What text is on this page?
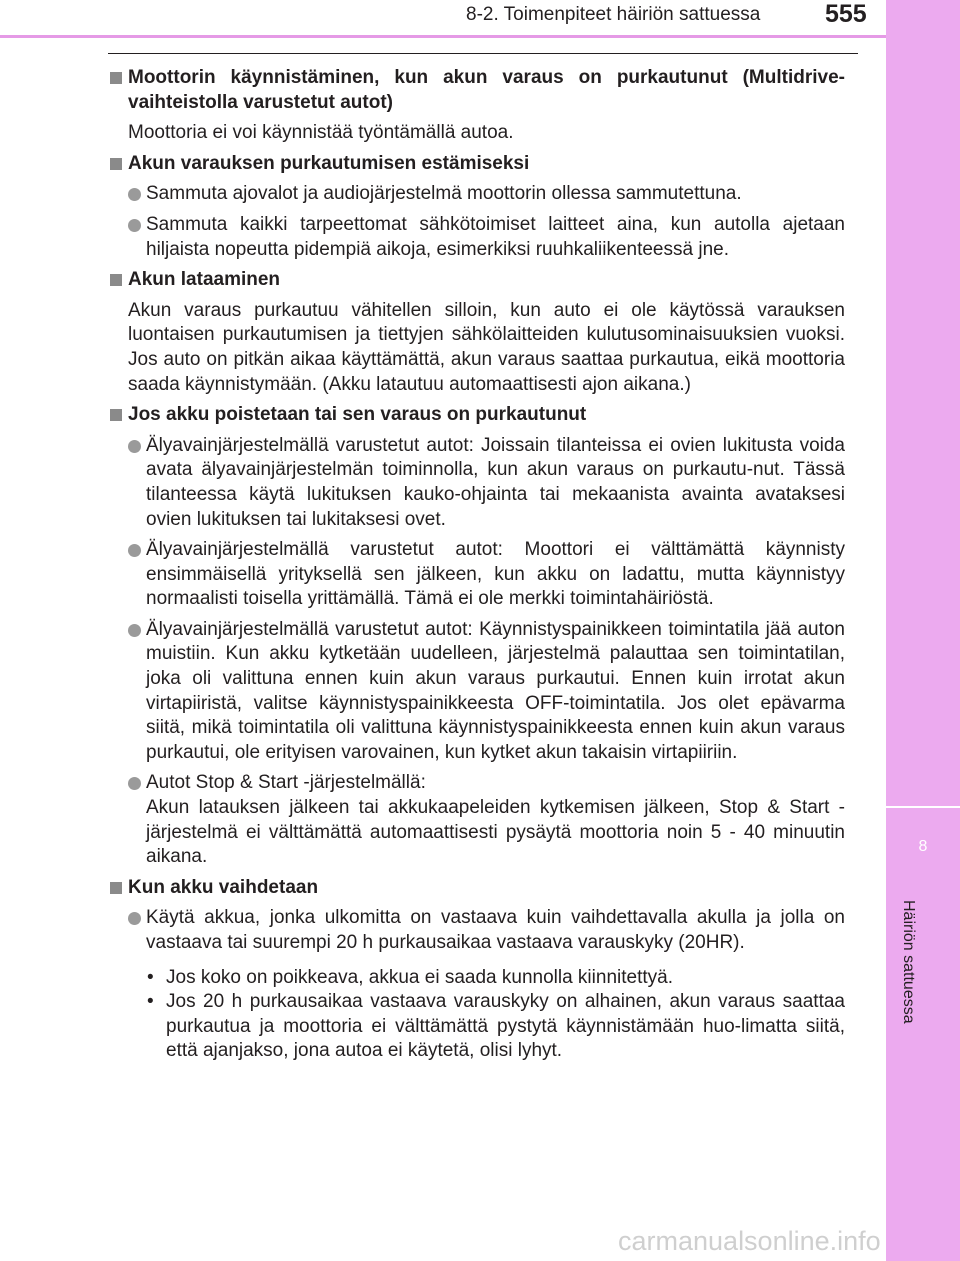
8-2. Toimenpiteet häiriön sattuessa	555
8
Häiriön sattuessa
Moottorin käynnistäminen, kun akun varaus on purkautunut (Multidrive-vaihteistolla varustetut autot)
Moottoria ei voi käynnistää työntämällä autoa.
Akun varauksen purkautumisen estämiseksi
Sammuta ajovalot ja audiojärjestelmä moottorin ollessa sammutettuna.
Sammuta kaikki tarpeettomat sähkötoimiset laitteet aina, kun autolla ajetaan hiljaista nopeutta pidempiä aikoja, esimerkiksi ruuhkaliikenteessä jne.
Akun lataaminen
Akun varaus purkautuu vähitellen silloin, kun auto ei ole käytössä varauksen luontaisen purkautumisen ja tiettyjen sähkölaitteiden kulutusominaisuuksien vuoksi. Jos auto on pitkän aikaa käyttämättä, akun varaus saattaa purkautua, eikä moottoria saada käynnistymään. (Akku latautuu automaattisesti ajon aikana.)
Jos akku poistetaan tai sen varaus on purkautunut
Älyavainjärjestelmällä varustetut autot: Joissain tilanteissa ei ovien lukitusta voida avata älyavainjärjestelmän toiminnolla, kun akun varaus on purkautu-nut. Tässä tilanteessa käytä lukituksen kauko-ohjainta tai mekaanista avainta avataksesi ovien lukituksen tai lukitaksesi ovet.
Älyavainjärjestelmällä varustetut autot: Moottori ei välttämättä käynnisty ensimmäisellä yrityksellä sen jälkeen, kun akku on ladattu, mutta käynnistyy normaalisti toisella yrittämällä. Tämä ei ole merkki toimintahäiriöstä.
Älyavainjärjestelmällä varustetut autot: Käynnistyspainikkeen toimintatila jää auton muistiin. Kun akku kytketään uudelleen, järjestelmä palauttaa sen toimintatilan, joka oli valittuna ennen kuin akun varaus purkautui. Ennen kuin irrotat akun virtapiiristä, valitse käynnistyspainikkeesta OFF-toimintatila. Jos olet epävarma siitä, mikä toimintatila oli valittuna käynnistyspainikkeesta ennen kuin akun varaus purkautui, ole erityisen varovainen, kun kytket akun takaisin virtapiiriin.
Autot Stop & Start -järjestelmällä:
Akun latauksen jälkeen tai akkukaapeleiden kytkemisen jälkeen, Stop & Start -järjestelmä ei välttämättä automaattisesti pysäytä moottoria noin 5 - 40 minuutin aikana.
Kun akku vaihdetaan
Käytä akkua, jonka ulkomitta on vastaava kuin vaihdettavalla akulla ja jolla on vastaava tai suurempi 20 h purkausaikaa vastaava varauskyky (20HR).
• Jos koko on poikkeava, akkua ei saada kunnolla kiinnitettyä.
• Jos 20 h purkausaikaa vastaava varauskyky on alhainen, akun varaus saattaa purkautua ja moottoria ei välttämättä pystytä käynnistämään huo-limatta siitä, että ajanjakso, jona autoa ei käytetä, olisi lyhyt.
carmanualsonline.info
